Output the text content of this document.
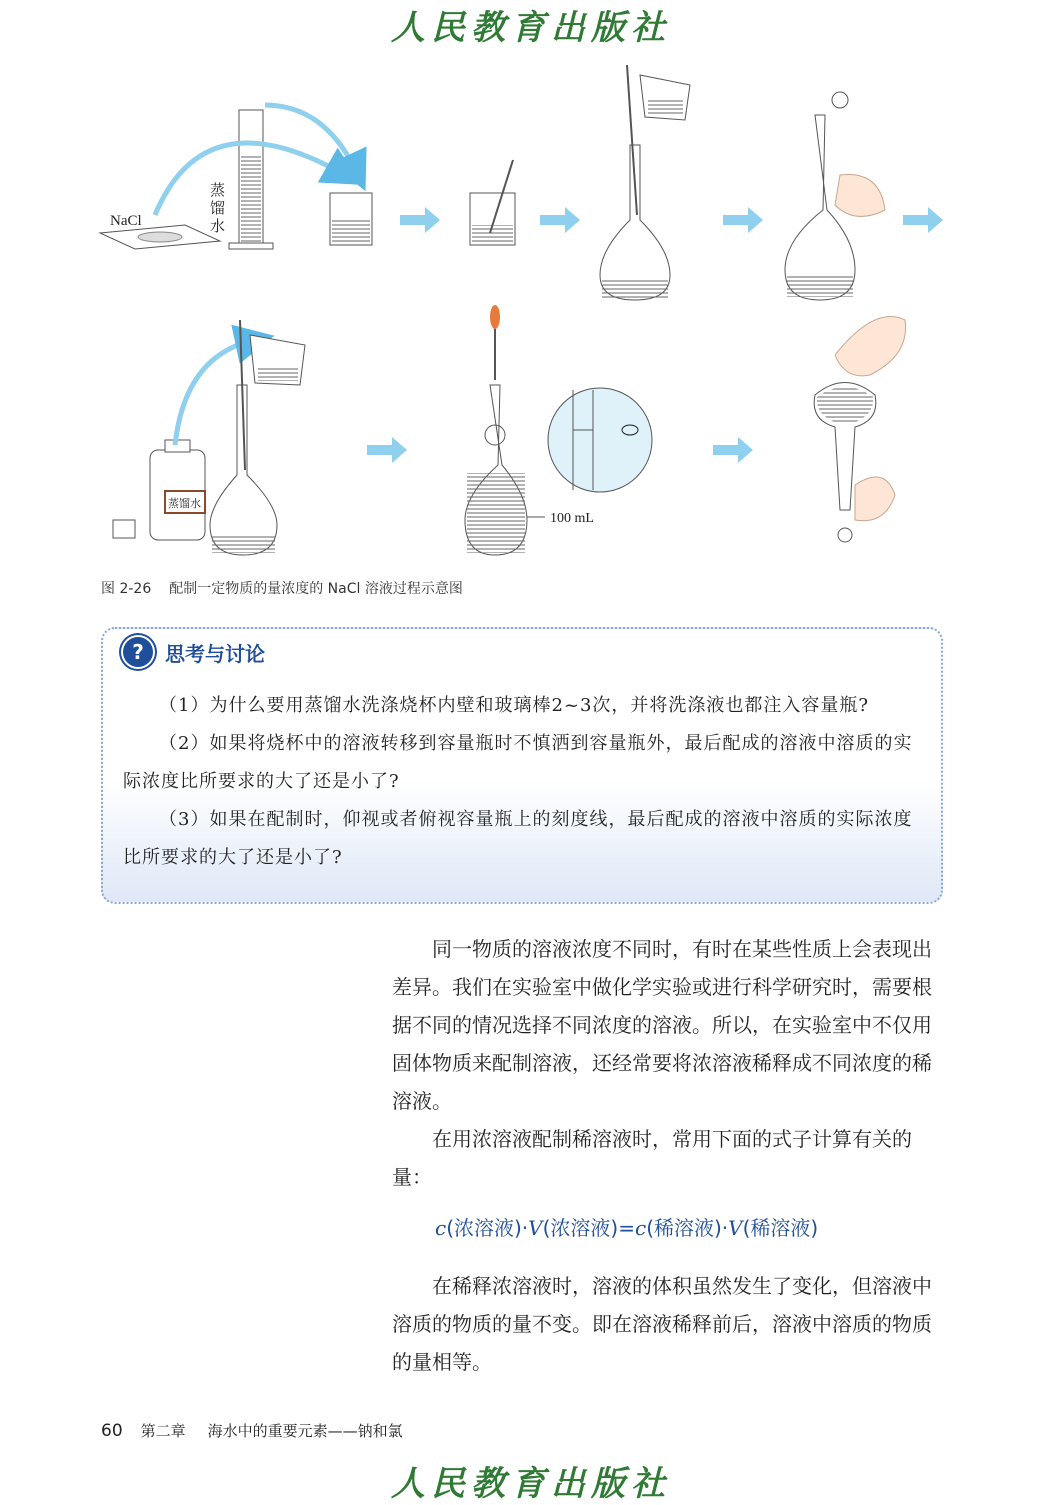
人民教育出版社
NaCl
蒸 馏 水
蒸馏水
100 mL
图 2-26 配制一定物质的量浓度的 NaCl 溶液过程示意图
?	思考与讨论
（1）为什么要用蒸馏水洗涤烧杯内壁和玻璃棒2~3次，并将洗涤液也都注入容量瓶?
（2）如果将烧杯中的溶液转移到容量瓶时不慎洒到容量瓶外，最后配成的溶液中溶质的实际浓度比所要求的大了还是小了?
（3）如果在配制时，仰视或者俯视容量瓶上的刻度线，最后配成的溶液中溶质的实际浓度比所要求的大了还是小了?

同一物质的溶液浓度不同时，有时在某些性质上会表现出差异。我们在实验室中做化学实验或进行科学研究时，需要根据不同的情况选择不同浓度的溶液。所以，在实验室中不仅用固体物质来配制溶液，还经常要将浓溶液稀释成不同浓度的稀溶液。

在用浓溶液配制稀溶液时，常用下面的式子计算有关的量：

c(浓溶液)·V(浓溶液)=c(稀溶液)·V(稀溶液)

在稀释浓溶液时，溶液的体积虽然发生了变化，但溶液中溶质的物质的量不变。即在溶液稀释前后，溶液中溶质的物质的量相等。

60 第二章 海水中的重要元素——钠和氯
人民教育出版社
